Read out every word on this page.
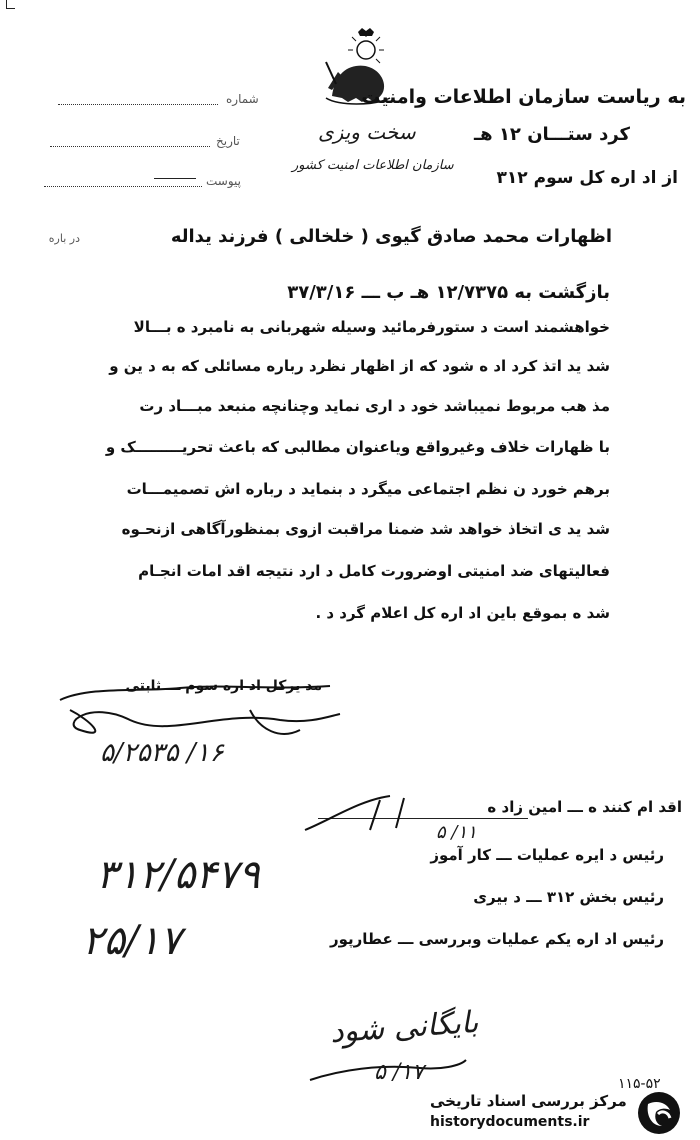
به ریاست سازمان اطلاعات وامنیت
کرد ستـــان ۱۲ هـ
از اد اره کل سوم ۳۱۲
سخت ویزی
سازمان اطلاعات امنیت کشور
شماره
تاریخ
پیوست
در باره	اظهارات محمد صادق گیوی ( خلخالی ) فرزند یداله
بازگشت به ۱۲/۷۳۷۵ هـ ب ـــ ۳۷/۳/۱۶
خواهشمند است د ستورفرمائید وسیله شهربانی به نامبرد ه بـــالا
شد ید اتذ کرد اد ه شود که از اظهار نظرد رباره مسائلی که به د ین و
مذ هب مربوط نمیباشد خود د اری نماید وچنانچه منبعد مبـــاد رت
با ظهارات خلاف وغیرواقع ویاعنوان مطالبی که باعث تحریـــــــــک و
برهم خورد ن نظم اجتماعی میگرد د بنماید د رباره اش تصمیمـــات
شد ید ی اتخاذ خواهد شد ضمنا مراقبت ازوی بمنظورآگاهی ازنحـوه
فعالیتهای ضد امنیتی اوضرورت کامل د ارد نتیجه اقد امات انجـام
شد ه بموقع باین اد اره کل اعلام گرد د .
مد یرکل اد اره سوم ـــ ثابتی
۱۶/ ۵/۲۵۳۵
اقد ام کنند ه ـــ امین زاد ه
۱۱/ ۵
رئیس د ایره عملیات ـــ کار آموز
رئیس بخش ۳۱۲ ـــ د بیری
رئیس اد اره یکم عملیات وبررسی ـــ عطارپور
۳۱۲/۵۴۷۹
۲۵/۱۷
بایگانی شود
۱۷/ ۵	۱۱۵-۵۲
مرکز بررسی اسناد تاریخی
historydocuments.ir
